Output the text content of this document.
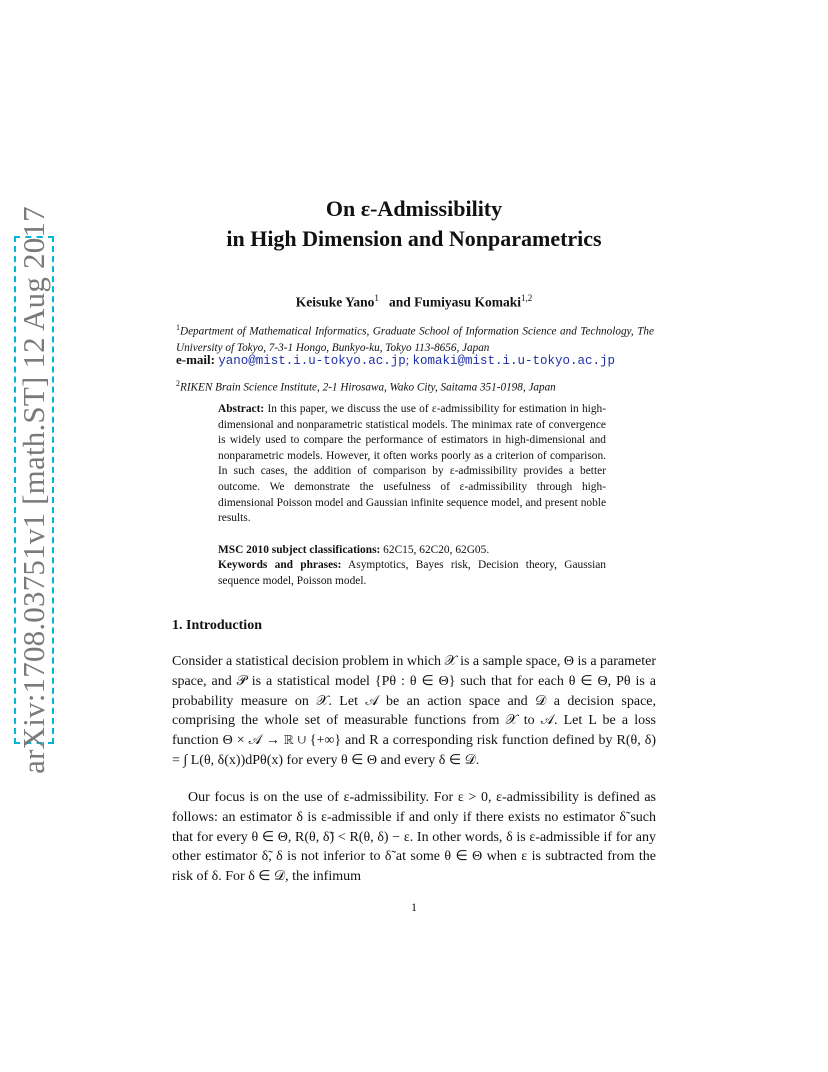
arXiv:1708.03751v1 [math.ST] 12 Aug 2017	On ε-Admissibility
in High Dimension and Nonparametrics
Keisuke Yano$^1$ and Fumiyasu Komaki$^{1,2}$
$^1$Department of Mathematical Informatics, Graduate School of Information Science and Technology, The University of Tokyo, 7-3-1 Hongo, Bunkyo-ku, Tokyo 113-8656, Japan
e-mail: yano@mist.i.u-tokyo.ac.jp; komaki@mist.i.u-tokyo.ac.jp
$^2$RIKEN Brain Science Institute, 2-1 Hirosawa, Wako City, Saitama 351-0198, Japan
Abstract: In this paper, we discuss the use of ε-admissibility for estimation in high-dimensional and nonparametric statistical models. The minimax rate of convergence is widely used to compare the performance of estimators in high-dimensional and nonparametric models. However, it often works poorly as a criterion of comparison. In such cases, the addition of comparison by ε-admissibility provides a better outcome. We demonstrate the usefulness of ε-admissibility through high-dimensional Poisson model and Gaussian infinite sequence model, and present noble results.
MSC 2010 subject classifications: 62C15, 62C20, 62G05.
Keywords and phrases: Asymptotics, Bayes risk, Decision theory, Gaussian sequence model, Poisson model.
1. Introduction
Consider a statistical decision problem in which 𝒳 is a sample space, Θ is a parameter space, and 𝒫 is a statistical model {Pθ : θ ∈ Θ} such that for each θ ∈ Θ, Pθ is a probability measure on 𝒳. Let 𝒜 be an action space and 𝒟 a decision space, comprising the whole set of measurable functions from 𝒳 to 𝒜. Let L be a loss function Θ × 𝒜 → ℝ ∪ {+∞} and R a corresponding risk function defined by R(θ, δ) = ∫ L(θ, δ(x))dPθ(x) for every θ ∈ Θ and every δ ∈ 𝒟.
Our focus is on the use of ε-admissibility. For ε > 0, ε-admissibility is defined as follows: an estimator δ is ε-admissible if and only if there exists no estimator δ̃ such that for every θ ∈ Θ, R(θ, δ̃) < R(θ, δ) − ε. In other words, δ is ε-admissible if for any other estimator δ̃, δ is not inferior to δ̃ at some θ ∈ Θ when ε is subtracted from the risk of δ. For δ ∈ 𝒟, the infimum
1
